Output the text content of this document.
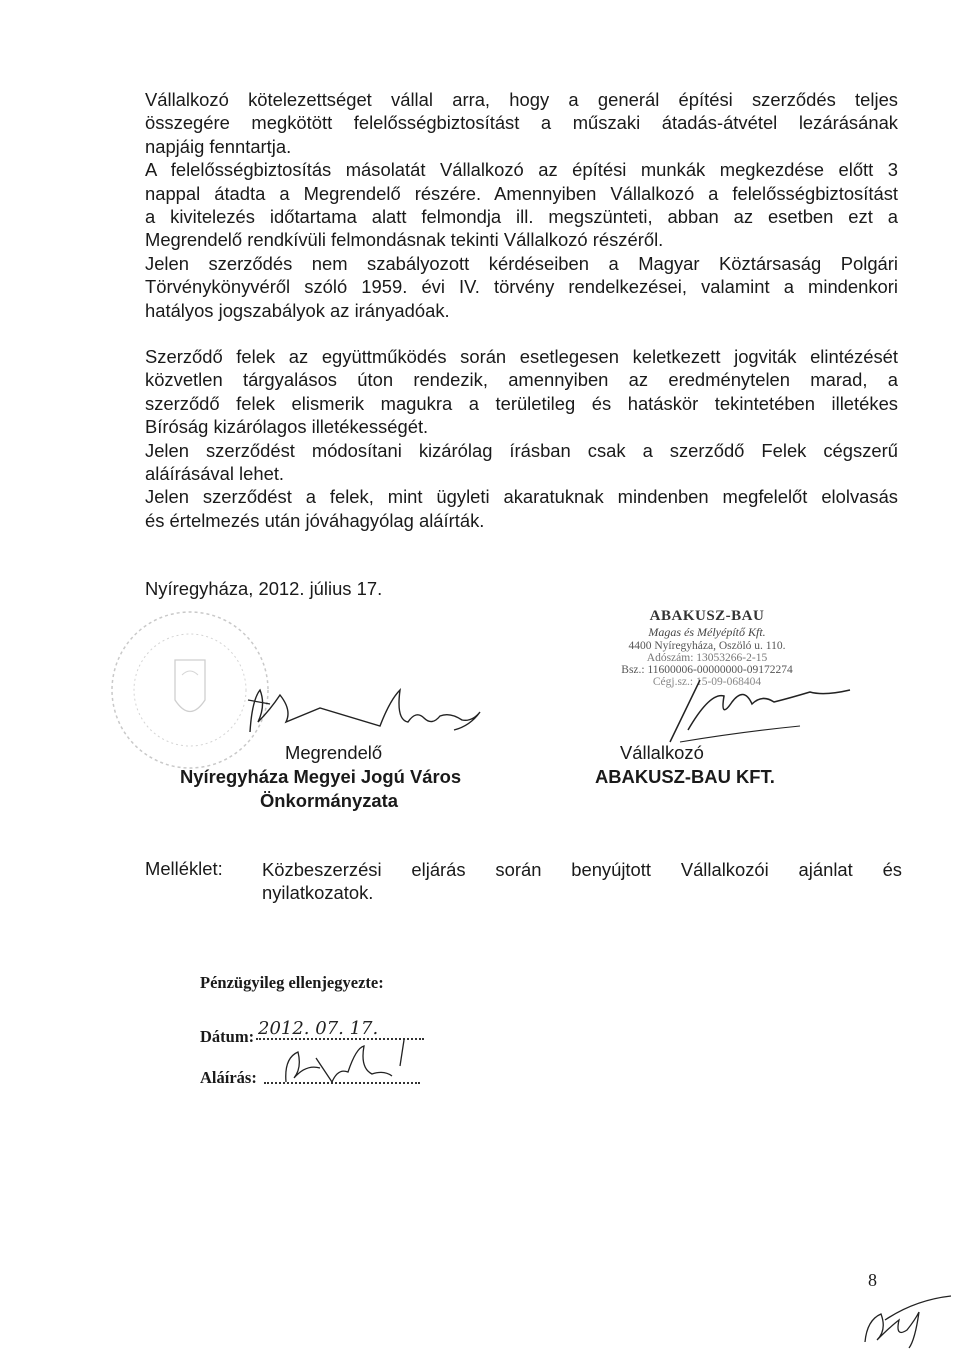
Vállalkozó kötelezettséget vállal arra, hogy a generál építési szerződés teljes
összegére megkötött felelősségbiztosítást a műszaki átadás-átvétel lezárásának
napjáig fenntartja.
A felelősségbiztosítás másolatát Vállalkozó az építési munkák megkezdése előtt 3
nappal átadta a Megrendelő részére. Amennyiben Vállalkozó a felelősségbiztosítást
a kivitelezés időtartama alatt felmondja ill. megszünteti, abban az esetben ezt a
Megrendelő rendkívüli felmondásnak tekinti Vállalkozó részéről.
Jelen szerződés nem szabályozott kérdéseiben a Magyar Köztársaság Polgári
Törvénykönyvéről szóló 1959. évi IV. törvény rendelkezései, valamint a mindenkori
hatályos jogszabályok az irányadóak.
Szerződő felek az együttműködés során esetlegesen keletkezett jogviták elintézését
közvetlen tárgyalásos úton rendezik, amennyiben az eredménytelen marad, a
szerződő felek elismerik magukra a területileg és hatáskör tekintetében illetékes
Bíróság kizárólagos illetékességét.
Jelen szerződést módosítani kizárólag írásban csak a szerződő Felek cégszerű
aláírásával lehet.
Jelen szerződést a felek, mint ügyleti akaratuknak mindenben megfelelőt elolvasás
és értelmezés után jóváhagyólag aláírták.
Nyíregyháza, 2012. július 17.
Megrendelő
Nyíregyháza Megyei Jogú Város
Önkormányzata
ABAKUSZ-BAU
Magas és Mélyépítő Kft.
4400 Nyíregyháza, Oszöló u. 110.
Adószám: 13053266-2-15
Bsz.: 11600006-00000000-09172274
Cégj.sz.: 15-09-068404
Vállalkozó
ABAKUSZ-BAU KFT.
Melléklet: Közbeszerzési eljárás során benyújtott Vállalkozói ajánlat és
nyilatkozatok.
Pénzügyileg ellenjegyezte:
Dátum: 2012. 07. 17.
Aláírás:
8
